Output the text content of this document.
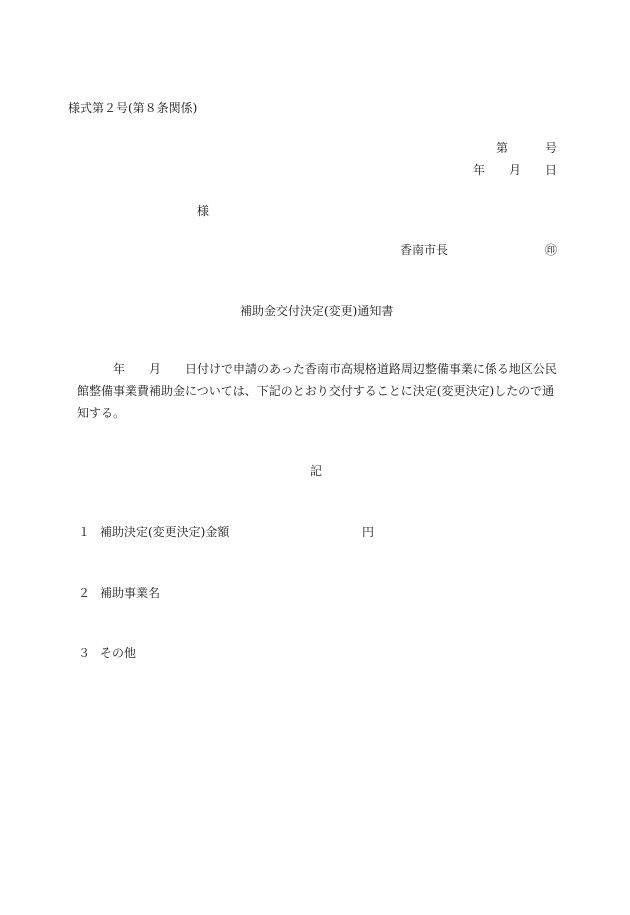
様式第２号(第８条関係)
第	号
年 月 日
様
香南市長	㊞
補助金交付決定(変更)通知書
年 月 日付けで申請のあった香南市高規格道路周辺整備事業に係る地区公民館整備事業費補助金については、下記のとおり交付することに決定(変更決定)したので通知する。
記
１ 補助決定(変更決定)金額	円
２ 補助事業名
３ その他
